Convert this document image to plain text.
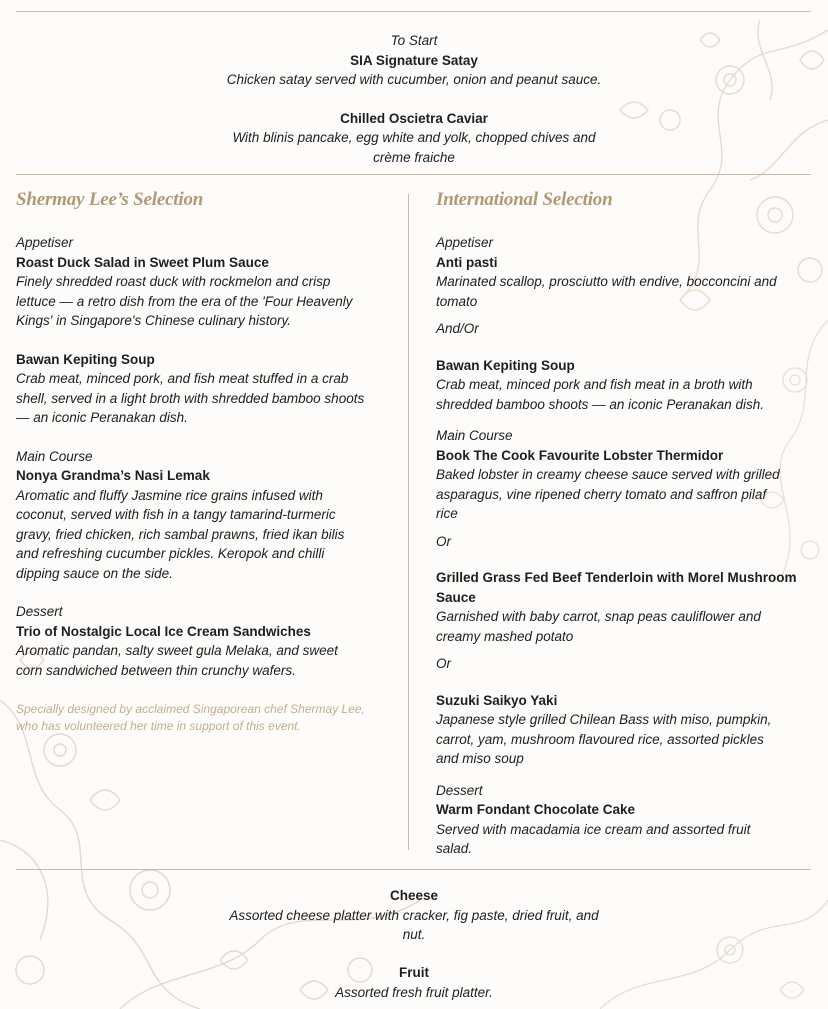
To Start
SIA Signature Satay
Chicken satay served with cucumber, onion and peanut sauce.
Chilled Oscietra Caviar
With blinis pancake, egg white and yolk, chopped chives and
crème fraiche
Shermay Lee’s Selection	International Selection
Appetiser
Roast Duck Salad in Sweet Plum Sauce
Finely shredded roast duck with rockmelon and crisp
lettuce — a retro dish from the era of the 'Four Heavenly
Kings' in Singapore's Chinese culinary history.
Bawan Kepiting Soup
Crab meat, minced pork, and fish meat stuffed in a crab
shell, served in a light broth with shredded bamboo shoots
— an iconic Peranakan dish.
Main Course
Nonya Grandma’s Nasi Lemak
Aromatic and fluffy Jasmine rice grains infused with
coconut, served with fish in a tangy tamarind-turmeric
gravy, fried chicken, rich sambal prawns, fried ikan bilis
and refreshing cucumber pickles. Keropok and chilli
dipping sauce on the side.
Dessert
Trio of Nostalgic Local Ice Cream Sandwiches
Aromatic pandan, salty sweet gula Melaka, and sweet
corn sandwiched between thin crunchy wafers.
Specially designed by acclaimed Singaporean chef Shermay Lee,
who has volunteered her time in support of this event.
Appetiser
Anti pasti
Marinated scallop, prosciutto with endive, bocconcini and
tomato
And/Or
Bawan Kepiting Soup
Crab meat, minced pork and fish meat in a broth with
shredded bamboo shoots — an iconic Peranakan dish.
Main Course
Book The Cook Favourite Lobster Thermidor
Baked lobster in creamy cheese sauce served with grilled
asparagus, vine ripened cherry tomato and saffron pilaf
rice
Or
Grilled Grass Fed Beef Tenderloin with Morel Mushroom
Sauce
Garnished with baby carrot, snap peas cauliflower and
creamy mashed potato
Or
Suzuki Saikyo Yaki
Japanese style grilled Chilean Bass with miso, pumpkin,
carrot, yam, mushroom flavoured rice, assorted pickles
and miso soup
Dessert
Warm Fondant Chocolate Cake
Served with macadamia ice cream and assorted fruit
salad.
Cheese
Assorted cheese platter with cracker, fig paste, dried fruit, and
nut.
Fruit
Assorted fresh fruit platter.
